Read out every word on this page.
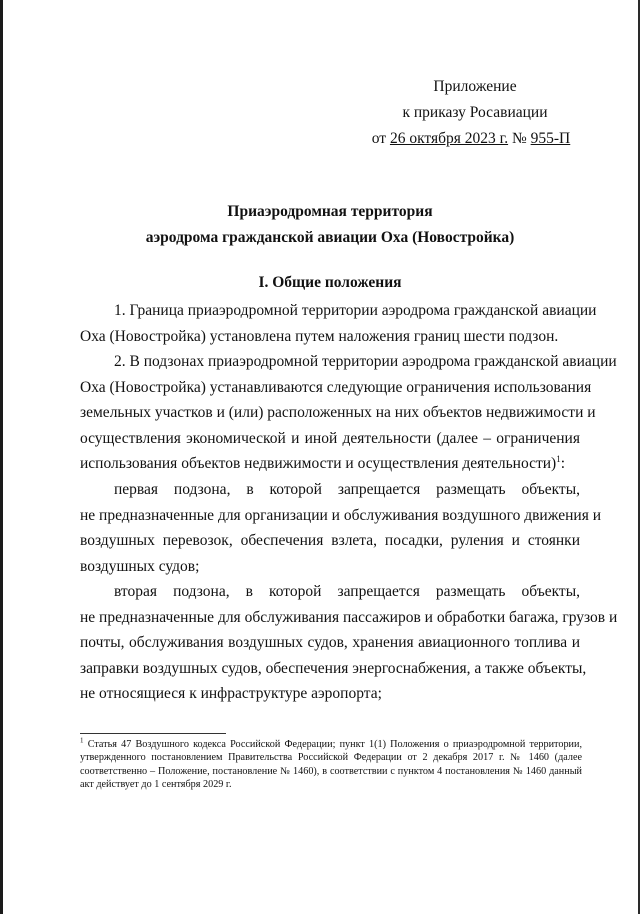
Приложение
к приказу Росавиации
от 26 октября 2023 г. № 955-П
Приаэродромная территория
аэродрома гражданской авиации Оха (Новостройка)
I. Общие положения
1. Граница приаэродромной территории аэродрома гражданской авиации
Оха (Новостройка) установлена путем наложения границ шести подзон.
2. В подзонах приаэродромной территории аэродрома гражданской авиации
Оха (Новостройка) устанавливаются следующие ограничения использования
земельных участков и (или) расположенных на них объектов недвижимости и
осуществления экономической и иной деятельности (далее – ограничения
использования объектов недвижимости и осуществления деятельности)$^1$:
первая подзона, в которой запрещается размещать объекты,
не предназначенные для организации и обслуживания воздушного движения и
воздушных перевозок, обеспечения взлета, посадки, руления и стоянки
воздушных судов;
вторая подзона, в которой запрещается размещать объекты,
не предназначенные для обслуживания пассажиров и обработки багажа, грузов и
почты, обслуживания воздушных судов, хранения авиационного топлива и
заправки воздушных судов, обеспечения энергоснабжения, а также объекты,
не относящиеся к инфраструктуре аэропорта;
$^1$ Статья 47 Воздушного кодекса Российской Федерации; пункт 1(1) Положения о приаэродромной территории,
утвержденного постановлением Правительства Российской Федерации от 2 декабря 2017 г. № 1460 (далее
соответственно – Положение, постановление № 1460), в соответствии с пунктом 4 постановления № 1460 данный
акт действует до 1 сентября 2029 г.
